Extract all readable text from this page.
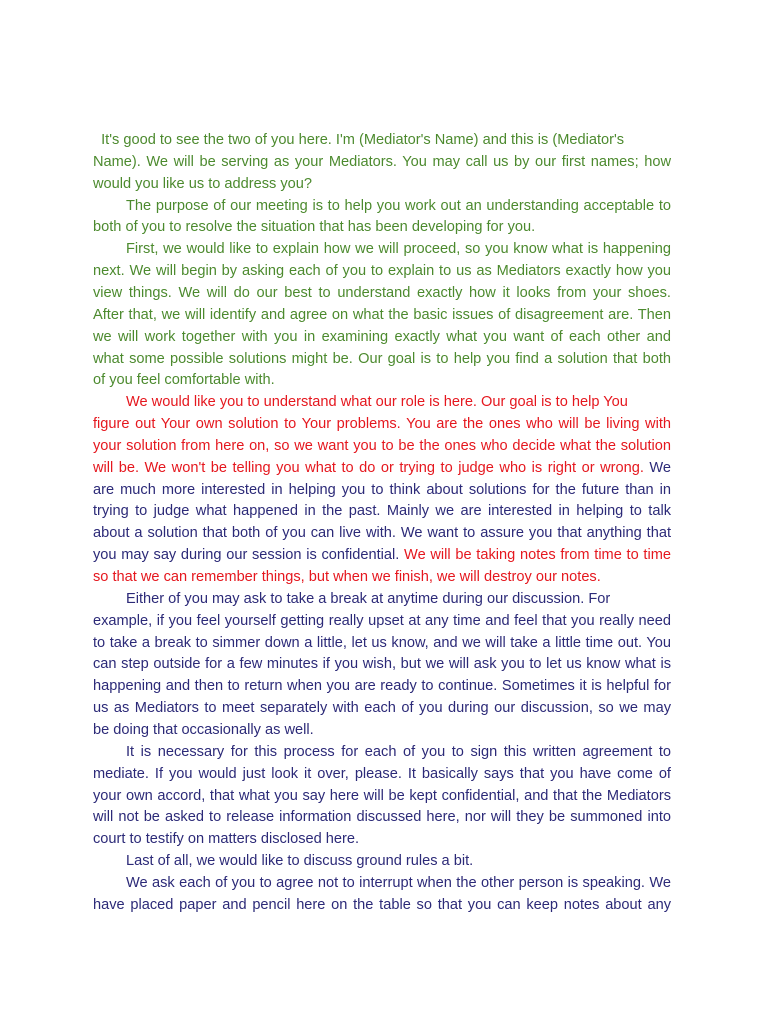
It's good to see the two of you here. I'm (Mediator's Name) and this is (Mediator's
Name). We will be serving as your Mediators. You may call us by our first names; how
would you like us to address you?
The purpose of our meeting is to help you work out an understanding acceptable to
both of you to resolve the situation that has been developing for you.
First, we would like to explain how we will proceed, so you know what is happening
next. We will begin by asking each of you to explain to us as Mediators exactly how you
view things. We will do our best to understand exactly how it looks from your shoes.
After that, we will identify and agree on what the basic issues of disagreement are. Then
we will work together with you in examining exactly what you want of each other and
what some possible solutions might be. Our goal is to help you find a solution that both
of you feel comfortable with.
We would like you to understand what our role is here. Our goal is to help You
figure out Your own solution to Your problems. You are the ones who will be living with
your solution from here on, so we want you to be the ones who decide what the solution
will be. We won't be telling you what to do or trying to judge who is right or wrong. We
are much more interested in helping you to think about solutions for the future than in
trying to judge what happened in the past. Mainly we are interested in helping to talk
about a solution that both of you can live with. We want to assure you that anything that
you may say during our session is confidential. We will be taking notes from time to time
so that we can remember things, but when we finish, we will destroy our notes.
Either of you may ask to take a break at anytime during our discussion. For
example, if you feel yourself getting really upset at any time and feel that you really need
to take a break to simmer down a little, let us know, and we will take a little time out. You
can step outside for a few minutes if you wish, but we will ask you to let us know what is
happening and then to return when you are ready to continue. Sometimes it is helpful for
us as Mediators to meet separately with each of you during our discussion, so we may
be doing that occasionally as well.
It is necessary for this process for each of you to sign this written agreement to
mediate. If you would just look it over, please. It basically says that you have come of
your own accord, that what you say here will be kept confidential, and that the Mediators
will not be asked to release information discussed here, nor will they be summoned into
court to testify on matters disclosed here.
Last of all, we would like to discuss ground rules a bit.
We ask each of you to agree not to interrupt when the other person is speaking. We
have placed paper and pencil here on the table so that you can keep notes about any
